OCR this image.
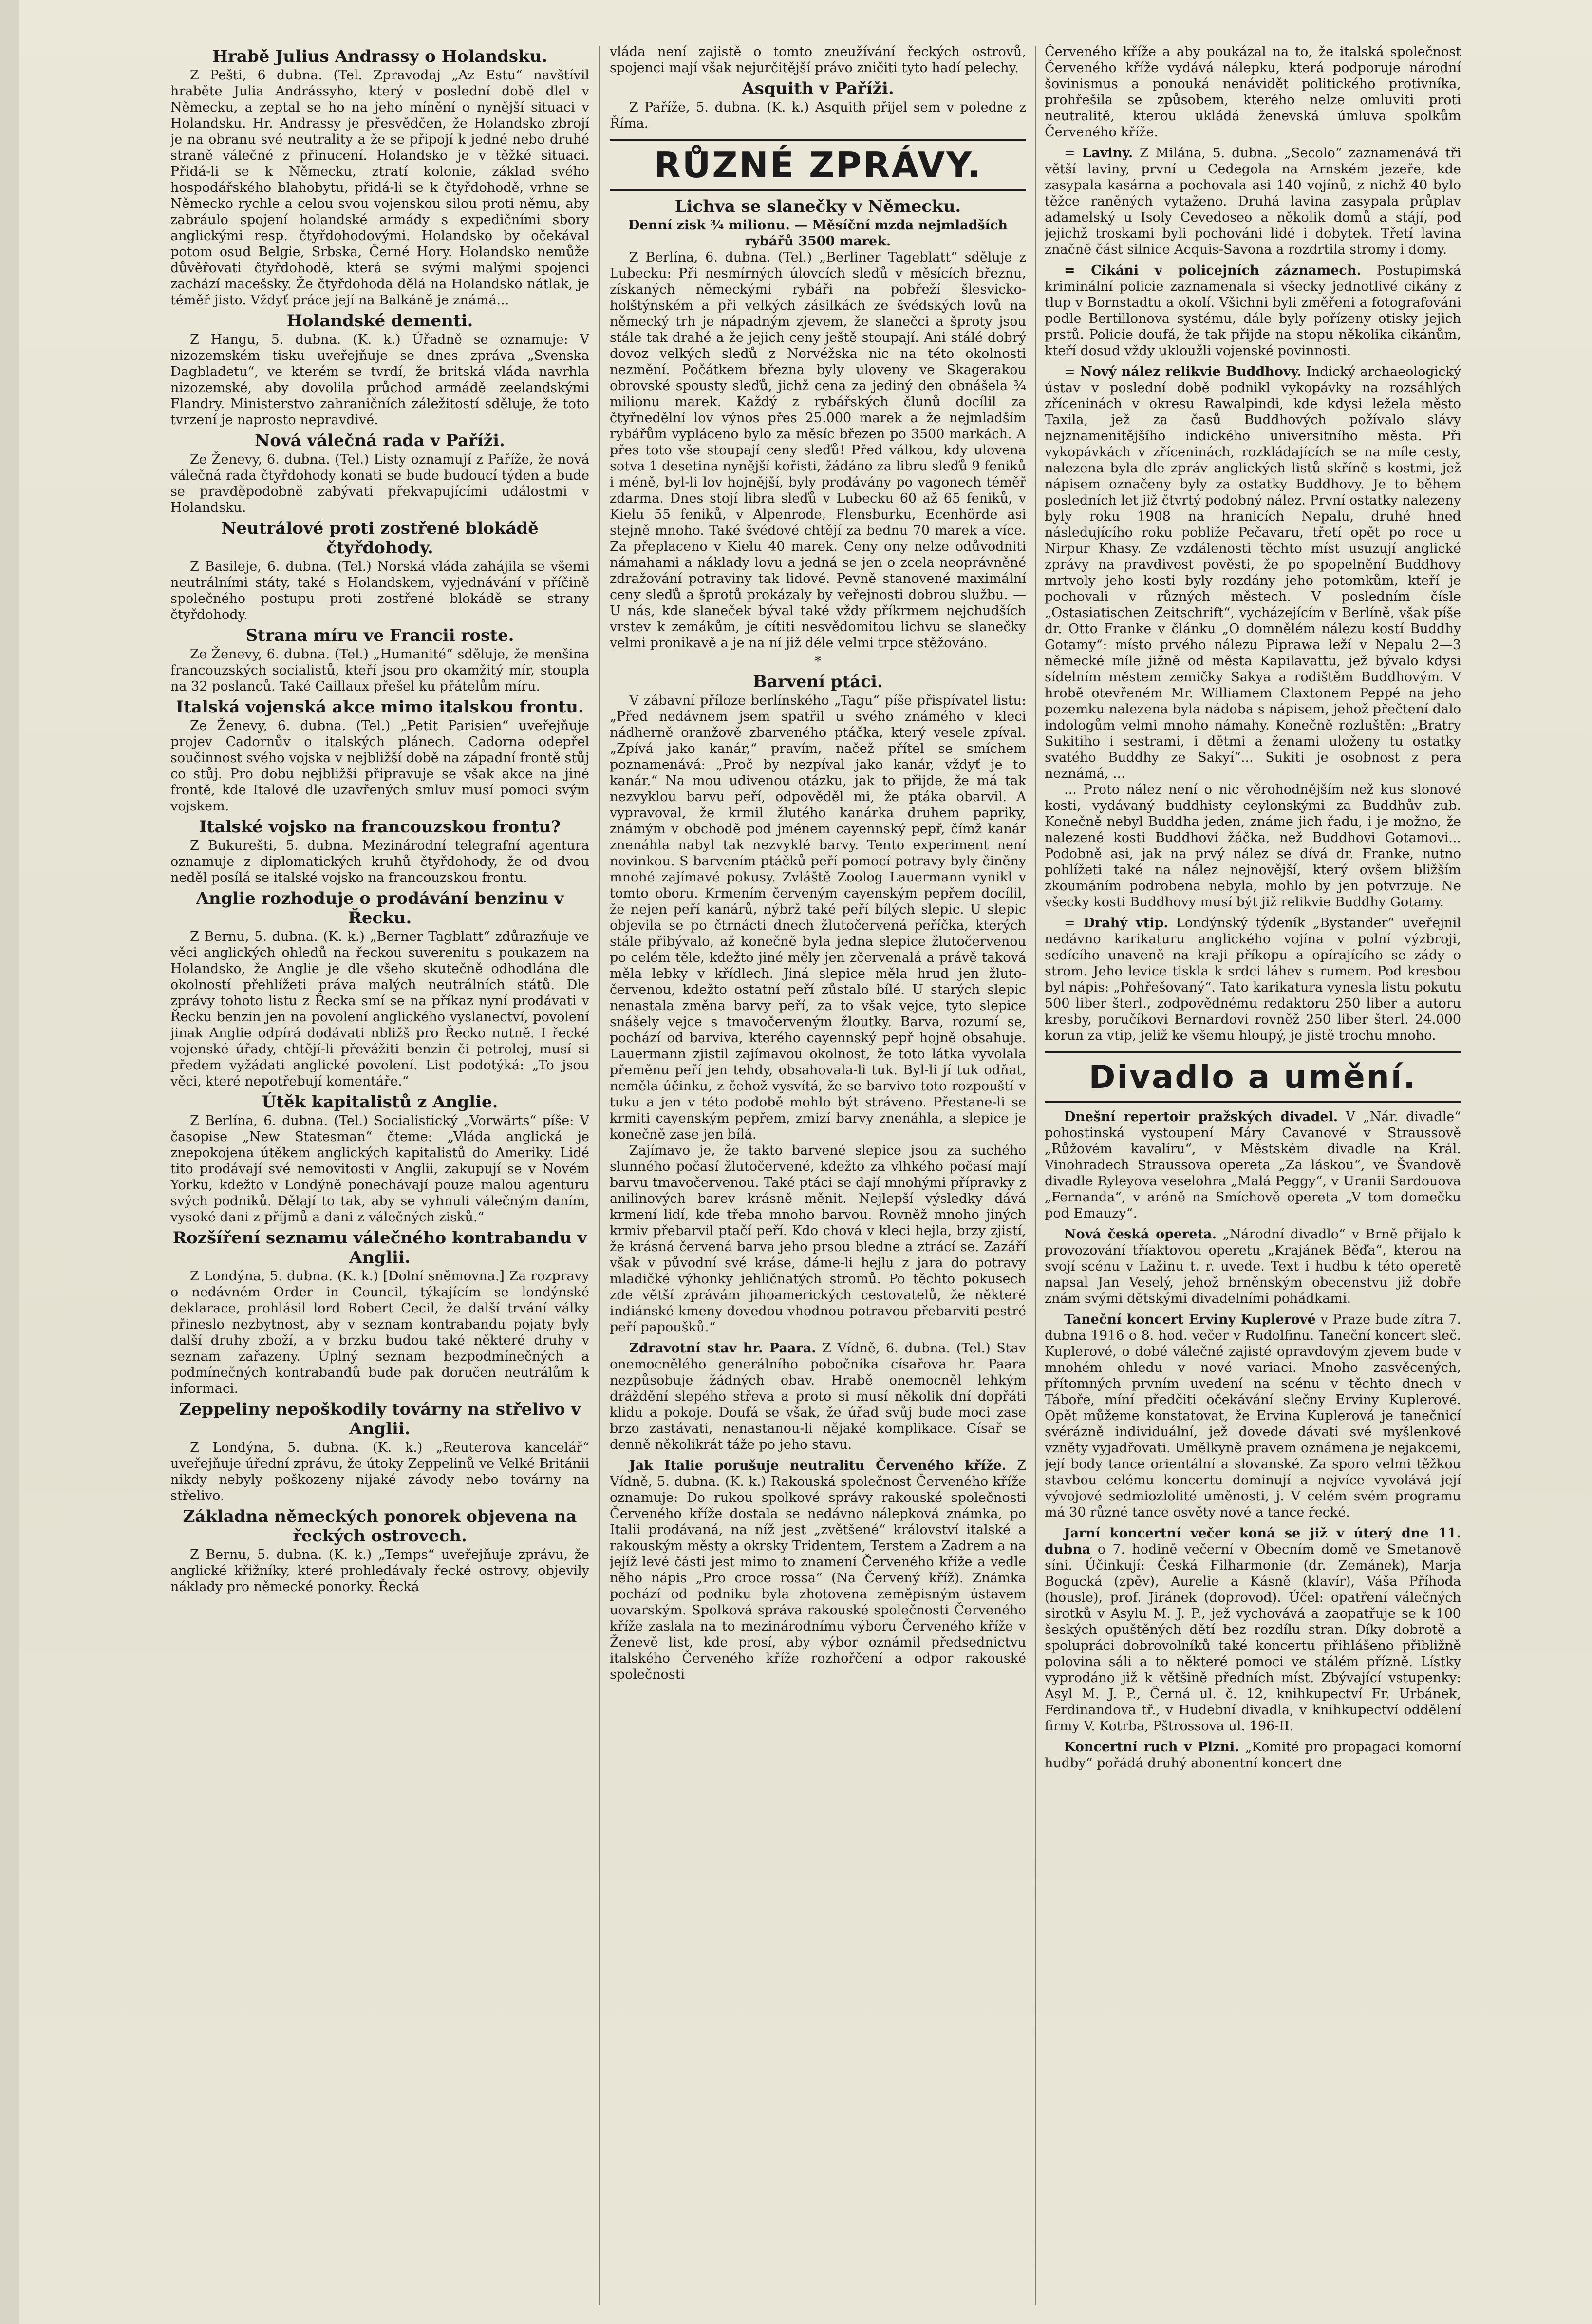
Hrabě Julius Andrassy o Holandsku.

Z Pešti, 6 dubna. (Tel. Zpravodaj „Az Estu“ navštívil hraběte Julia Andrássyho, který v poslední době dlel v Německu, a zeptal se ho na jeho mínění o nynější situaci v Holandsku. Hr. Andrassy je přesvědčen, že Holandsko zbrojí je na obranu své neutrality a že se připojí k jedné nebo druhé straně válečné z přinucení. Holandsko je v těžké situaci. Přidá-li se k Německu, ztratí kolonie, základ svého hospodářského blahobytu, přidá-li se k čtyřdohodě, vrhne se Německo rychle a celou svou vojenskou silou proti němu, aby zabráulo spojení holandské armády s expedičními sbory anglickými resp. čtyřdohodovými. Holandsko by očekával potom osud Belgie, Srbska, Černé Hory. Holandsko nemůže důvěřovati čtyřdohodě, která se svými malými spojenci zachází macešsky. Že čtyřdohoda dělá na Holandsko nátlak, je téměř jisto. Vždyť práce její na Balkáně je známá...

Holandské dementi.

Z Hangu, 5. dubna. (K. k.) Úřadně se oznamuje: V nizozemském tisku uveřejňuje se dnes zpráva „Svenska Dagbladetu“, ve kterém se tvrdí, že britská vláda navrhla nizozemské, aby dovolila průchod armádě zeelandskými Flandry. Ministerstvo zahraničních záležitostí sděluje, že toto tvrzení je naprosto nepravdivé.

Nová válečná rada v Paříži.

Ze Ženevy, 6. dubna. (Tel.) Listy oznamují z Paříže, že nová válečná rada čtyřdohody konati se bude budoucí týden a bude se pravděpodobně zabývati překvapujícími událostmi v Holandsku.

Neutrálové proti zostřené blokádě čtyřdohody.

Z Basileje, 6. dubna. (Tel.) Norská vláda zahájila se všemi neutrálními státy, také s Holandskem, vyjednávání v příčině společného postupu proti zostřené blokádě se strany čtyřdohody.

Strana míru ve Francii roste.

Ze Ženevy, 6. dubna. (Tel.) „Humanité“ sděluje, že menšina francouzských socialistů, kteří jsou pro okamžitý mír, stoupla na 32 poslanců. Také Caillaux přešel ku přátelům míru.

Italská vojenská akce mimo italskou frontu.

Ze Ženevy, 6. dubna. (Tel.) „Petit Parisien“ uveřejňuje projev Cadornův o italských plánech. Cadorna odepřel součinnost svého vojska v nejbližší době na západní frontě stůj co stůj. Pro dobu nejbližší připravuje se však akce na jiné frontě, kde Italové dle uzavřených smluv musí pomoci svým vojskem.

Italské vojsko na francouzskou frontu?

Z Bukurešti, 5. dubna. Mezinárodní telegrafní agentura oznamuje z diplomatických kruhů čtyřdohody, že od dvou neděl posílá se italské vojsko na francouzskou frontu.

Anglie rozhoduje o prodávání benzinu v Řecku.

Z Bernu, 5. dubna. (K. k.) „Berner Tagblatt“ zdůrazňuje ve věci anglických ohledů na řeckou suverenitu s poukazem na Holandsko, že Anglie je dle všeho skutečně odhodlána dle okolností přehlížeti práva malých neutrálních států. Dle zprávy tohoto listu z Řecka smí se na příkaz nyní prodávati v Řecku benzin jen na povolení anglického vyslanectví, povolení jinak Anglie odpírá dodávati nbližš pro Řecko nutně. I řecké vojenské úřady, chtějí-li převážiti benzin či petrolej, musí si předem vyžádati anglické povolení. List podotýká: „To jsou věci, které nepotřebují komentáře.“

Útěk kapitalistů z Anglie.

Z Berlína, 6. dubna. (Tel.) Socialistický „Vorwärts“ píše: V časopise „New Statesman“ čteme: „Vláda anglická je znepokojena útěkem anglických kapitalistů do Ameriky. Lidé tito prodávají své nemovitosti v Anglii, zakupují se v Novém Yorku, kdežto v Londýně ponechávají pouze malou agenturu svých podniků. Dělají to tak, aby se vyhnuli válečným daním, vysoké dani z příjmů a dani z válečných zisků.“

Rozšíření seznamu válečného kontrabandu v Anglii.

Z Londýna, 5. dubna. (K. k.) [Dolní sněmovna.] Za rozpravy o nedávném Order in Council, týkajícím se londýnské deklarace, prohlásil lord Robert Cecil, že další trvání války přineslo nezbytnost, aby v seznam kontrabandu pojaty byly další druhy zboží, a v brzku budou také některé druhy v seznam zařazeny. Úplný seznam bezpodmínečných a podmínečných kontrabandů bude pak doručen neutrálům k informaci.

Zeppeliny nepoškodily továrny na střelivo v Anglii.

Z Londýna, 5. dubna. (K. k.) „Reuterova kancelář“ uveřejňuje úřední zprávu, že útoky Zeppelinů ve Velké Británii nikdy nebyly poškozeny nijaké závody nebo továrny na střelivo.

Základna německých ponorek objevena na řeckých ostrovech.

Z Bernu, 5. dubna. (K. k.) „Temps“ uveřejňuje zprávu, že anglické křižníky, které prohledávaly řecké ostrovy, objevily náklady pro německé ponorky. Řecká

vláda není zajistě o tomto zneužívání řeckých ostrovů, spojenci mají však nejurčitější právo zničiti tyto hadí pelechy.

Asquith v Paříži.

Z Paříže, 5. dubna. (K. k.) Asquith přijel sem v poledne z Říma.

RŮZNÉ ZPRÁVY.
Lichva se slanečky v Německu.
Denní zisk ¾ milionu. — Měsíční mzda nejmladších rybářů 3500 marek.

Z Berlína, 6. dubna. (Tel.) „Berliner Tageblatt“ sděluje z Lubecku: Při nesmírných úlovcích sleďů v měsících březnu, získaných německými rybáři na pobřeží šlesvicko-holštýnském a při velkých zásilkách ze švédských lovů na německý trh je nápadným zjevem, že slanečci a šproty jsou stále tak drahé a že jejich ceny ještě stoupají. Ani stálé dobrý dovoz velkých sleďů z Norvéžska nic na této okolnosti nezmění. Počátkem března byly uloveny ve Skagerakou obrovské spousty sleďů, jichž cena za jediný den obnášela ¾ milionu marek. Každý z rybářských člunů docílil za čtyřnedělní lov výnos přes 25.000 marek a že nejmladším rybářům vypláceno bylo za měsíc březen po 3500 markách. A přes toto vše stoupají ceny sleďů! Před válkou, kdy ulovena sotva 1 desetina nynější kořisti, žádáno za libru sleďů 9 feniků i méně, byl-li lov hojnější, byly prodávány po vagonech téměř zdarma. Dnes stojí libra sleďů v Lubecku 60 až 65 feniků, v Kielu 55 feniků, v Alpenrode, Flensburku, Ecenhörde asi stejně mnoho. Také švédové chtějí za bednu 70 marek a více. Za přeplaceno v Kielu 40 marek. Ceny ony nelze odůvodniti námahami a náklady lovu a jedná se jen o zcela neoprávněné zdražování potraviny tak lidové. Pevně stanovené maximální ceny sleďů a šprotů prokázaly by veřejnosti dobrou službu. — U nás, kde slaneček býval také vždy příkrmem nejchudších vrstev k zemákům, je cítiti nesvědomitou lichvu se slanečky velmi pronikavě a je na ní již déle velmi trpce stěžováno.

*
Barvení ptáci.

V zábavní příloze berlínského „Tagu“ píše přispívatel listu: „Před nedávnem jsem spatřil u svého známého v kleci nádherně oranžově zbarveného ptáčka, který vesele zpíval. „Zpívá jako kanár,“ pravím, načež přítel se smíchem poznamenává: „Proč by nezpíval jako kanár, vždyť je to kanár.“ Na mou udivenou otázku, jak to přijde, že má tak nezvyklou barvu peří, odpověděl mi, že ptáka obarvil. A vypravoval, že krmil žlutého kanárka druhem papriky, známým v obchodě pod jménem cayennský pepř, čímž kanár znenáhla nabyl tak nezvyklé barvy. Tento experiment není novinkou. S barvením ptáčků peří pomocí potravy byly činěny mnohé zajímavé pokusy. Zvláště Zoolog Lauermann vynikl v tomto oboru. Krmením červeným cayenským pepřem docílil, že nejen peří kanárů, nýbrž také peří bílých slepic. U slepic objevila se po čtrnácti dnech žlutočervená peříčka, kterých stále přibývalo, až konečně byla jedna slepice žlutočervenou po celém těle, kdežto jiné měly jen zčervenalá a právě taková měla lebky v křídlech. Jiná slepice měla hrud jen žluto-červenou, kdežto ostatní peří zůstalo bílé. U starých slepic nenastala změna barvy peří, za to však vejce, tyto slepice snášely vejce s tmavočerveným žloutky. Barva, rozumí se, pochází od barviva, kterého cayennský pepř hojně obsahuje. Lauermann zjistil zajímavou okolnost, že toto látka vyvolala přeměnu peří jen tehdy, obsahovala-li tuk. Byl-li jí tuk odňat, neměla účinku, z čehož vysvítá, že se barvivo toto rozpouští v tuku a jen v této podobě mohlo být stráveno. Přestane-li se krmiti cayenským pepřem, zmizí barvy znenáhla, a slepice je konečně zase jen bílá.

Zajímavo je, že takto barvené slepice jsou za suchého slunného počasí žlutočervené, kdežto za vlhkého počasí mají barvu tmavočervenou. Také ptáci se dají mnohými přípravky z anilinových barev krásně měnit. Nejlepší výsledky dává krmení lidí, kde třeba mnoho barvou. Rovněž mnoho jiných krmiv přebarvil ptačí peří. Kdo chová v kleci hejla, brzy zjistí, že krásná červená barva jeho prsou bledne a ztrácí se. Zazáří však v původní své kráse, dáme-li hejlu z jara do potravy mladičké výhonky jehličnatých stromů. Po těchto pokusech zde větší zprávám jihoamerických cestovatelů, že některé indiánské kmeny dovedou vhodnou potravou přebarviti pestré peří papoušků.“

Zdravotní stav hr. Paara. Z Vídně, 6. dubna. (Tel.) Stav onemocnělého generálního pobočníka císařova hr. Paara nezpůsobuje žádných obav. Hrabě onemocněl lehkým dráždění slepého střeva a proto si musí několik dní dopřáti klidu a pokoje. Doufá se však, že úřad svůj bude moci zase brzo zastávati, nenastanou-li nějaké komplikace. Císař se denně několikrát táže po jeho stavu.

Jak Italie porušuje neutralitu Červeného kříže. Z Vídně, 5. dubna. (K. k.) Rakouská společnost Červeného kříže oznamuje: Do rukou spolkové správy rakouské společnosti Červeného kříže dostala se nedávno nálepková známka, po Italii prodávaná, na níž jest „zvětšené“ království italské a rakouským městy a okrsky Tridentem, Terstem a Zadrem a na jejíž levé části jest mimo to znamení Červeného kříže a vedle něho nápis „Pro croce rossa“ (Na Červený kříž). Známka pochází od podniku byla zhotovena zeměpisným ústavem uovarským. Spolková správa rakouské společnosti Červeného kříže zaslala na to mezinárodnímu výboru Červeného kříže v Ženevě list, kde prosí, aby výbor oznámil předsednictvu italského Červeného kříže rozhořčení a odpor rakouské společnosti

Červeného kříže a aby poukázal na to, že italská společnost Červeného kříže vydává nálepku, která podporuje národní šovinismus a ponouká nenávidět politického protivníka, prohřešila se způsobem, kterého nelze omluviti proti neutralitě, kterou ukládá ženevská úmluva spolkům Červeného kříže.

= Laviny. Z Milána, 5. dubna. „Secolo“ zaznamenává tři větší laviny, první u Cedegola na Arnském jezeře, kde zasypala kasárna a pochovala asi 140 vojínů, z nichž 40 bylo těžce raněných vytaženo. Druhá lavina zasypala průplav adamelský u Isoly Cevedoseo a několik domů a stájí, pod jejichž troskami byli pochováni lidé i dobytek. Třetí lavina značně část silnice Acquis-Savona a rozdrtila stromy i domy.

= Cikáni v policejních záznamech. Postupimská kriminální policie zaznamenala si všecky jednotlivé cikány z tlup v Bornstadtu a okolí. Všichni byli změřeni a fotografováni podle Bertillonova systému, dále byly pořízeny otisky jejich prstů. Policie doufá, že tak přijde na stopu několika cikánům, kteří dosud vždy ukloužli vojenské povinnosti.

= Nový nález relikvie Buddhovy. Indický archaeologický ústav v poslední době podnikl vykopávky na rozsáhlých zříceninách v okresu Rawalpindi, kde kdysi ležela město Taxila, jež za časů Buddhových požívalo slávy nejznamenitějšího indického universitního města. Při vykopávkách v zříceninách, rozkládajících se na míle cesty, nalezena byla dle zpráv anglických listů skříně s kostmi, jež nápisem označeny byly za ostatky Buddhovy. Je to během posledních let již čtvrtý podobný nález. První ostatky nalezeny byly roku 1908 na hranicích Nepalu, druhé hned následujícího roku pobliže Pečavaru, třetí opět po roce u Nirpur Khasy. Ze vzdálenosti těchto míst usuzují anglické zprávy na pravdivost pověsti, že po spopelnění Buddhovy mrtvoly jeho kosti byly rozdány jeho potomkům, kteří je pochovali v různých městech. V posledním čísle „Ostasiatischen Zeitschrift“, vycházejícím v Berlíně, však píše dr. Otto Franke v článku „O domnělém nálezu kostí Buddhy Gotamy“: místo prvého nálezu Piprawa leží v Nepalu 2—3 německé míle jižně od města Kapilavattu, jež bývalo kdysi sídelním městem zemičky Sakya a rodištěm Buddhovým. V hrobě otevřeném Mr. Williamem Claxtonem Peppé na jeho pozemku nalezena byla nádoba s nápisem, jehož přečtení dalo indologům velmi mnoho námahy. Konečně rozluštěn: „Bratry Sukitiho i sestrami, i dětmi a ženami uloženy tu ostatky svatého Buddhy ze Sakyí“... Sukiti je osobnost z pera neznámá, ...

... Proto nález není o nic věrohodnějším než kus slonové kosti, vydávaný buddhisty ceylonskými za Buddhův zub. Konečně nebyl Buddha jeden, známe jich řadu, i je možno, že nalezené kosti Buddhovi žáčka, než Buddhovi Gotamovi... Podobně asi, jak na prvý nález se dívá dr. Franke, nutno pohlížeti také na nález nejnovější, který ovšem bližším zkoumáním podrobena nebyla, mohlo by jen potvrzuje. Ne všecky kosti Buddhovy musí být již relikvie Buddhy Gotamy.

= Drahý vtip. Londýnský týdeník „Bystander“ uveřejnil nedávno karikaturu anglického vojína v polní výzbroji, sedícího unaveně na kraji příkopu a opírajícího se zády o strom. Jeho levice tiskla k srdci láhev s rumem. Pod kresbou byl nápis: „Pohřešovaný“. Tato karikatura vynesla listu pokutu 500 liber šterl., zodpovědnému redaktoru 250 liber a autoru kresby, poručíkovi Bernardovi rovněž 250 liber šterl. 24.000 korun za vtip, jeliž ke všemu hloupý, je jistě trochu mnoho.

Divadlo a umění.

Dnešní repertoir pražských divadel. V „Nár. divadle“ pohostinská vystoupení Máry Cavanové v Straussově „Růžovém kavalíru“, v Městském divadle na Král. Vinohradech Straussova opereta „Za láskou“, ve Švandově divadle Ryleyova veselohra „Malá Peggy“, v Uranii Sardouova „Fernanda“, v aréně na Smíchově opereta „V tom domečku pod Emauzy“.

Nová česká opereta. „Národní divadlo“ v Brně přijalo k provozování tříaktovou operetu „Krajánek Běďa“, kterou na svojí scénu v Lažinu t. r. uvede. Text i hudbu k této operetě napsal Jan Veselý, jehož brněnským obecenstvu již dobře znám svými dětskými divadelními pohádkami.

Taneční koncert Erviny Kuplerové v Praze bude zítra 7. dubna 1916 o 8. hod. večer v Rudolfinu. Taneční koncert sleč. Kuplerové, o dobé válečné zajisté opravdovým zjevem bude v mnohém ohledu v nové variaci. Mnoho zasvěcených, přítomných prvním uvedení na scénu v těchto dnech v Táboře, míní předčiti očekávání slečny Erviny Kuplerové. Opět můžeme konstatovat, že Ervina Kuplerová je tanečnicí svérázně individuální, jež dovede dávati své myšlenkové vzněty vyjadřovati. Umělkyně pravem oznámena je nejakcemi, její body tance orientální a slovanské. Za sporo velmi těžkou stavbou celému koncertu dominují a nejvíce vyvolává její vývojové sedmiozlolité uměnosti, j. V celém svém programu má 30 různé tance osvěty nové a tance řecké.

Jarní koncertní večer koná se již v úterý dne 11. dubna o 7. hodině večerní v Obecním domě ve Smetanově síni. Účinkují: Česká Filharmonie (dr. Zemánek), Marja Bogucká (zpěv), Aurelie a Kásně (klavír), Váša Příhoda (housle), prof. Jiránek (doprovod). Účel: opatření válečných sirotků v Asylu M. J. P., jež vychovává a zaopatřuje se k 100 šeských opuštěných dětí bez rozdílu stran. Díky dobrotě a spolupráci dobrovolníků také koncertu přihlášeno přibližně polovina sáli a to některé pomoci ve stálém přízně. Lístky vyprodáno již k většině předních míst. Zbývající vstupenky: Asyl M. J. P., Černá ul. č. 12, knihkupectví Fr. Urbánek, Ferdinandova tř., v Hudební divadla, v knihkupectví oddělení firmy V. Kotrba, Pštrossova ul. 196-II.

Koncertní ruch v Plzni. „Komité pro propagaci komorní hudby“ pořádá druhý abonentní koncert dne
